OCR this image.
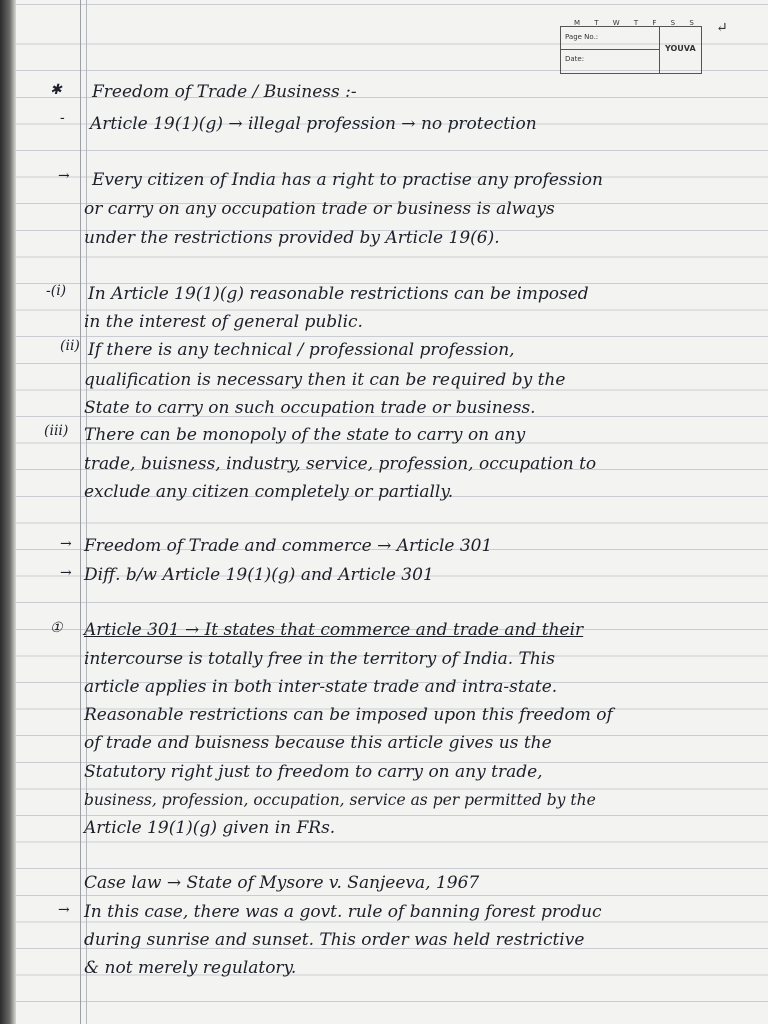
M T W T F S S
Page No.:
Date:
YOUVA
↵
✱
-
→
-(i)
(ii)
(iii)
→
→
①
→
Freedom of Trade / Business :-
Article 19(1)(g) → illegal profession → no protection
Every citizen of India has a right to practise any profession
or carry on any occupation trade or business is always
under the restrictions provided by Article 19(6).
In Article 19(1)(g) reasonable restrictions can be imposed
in the interest of general public.
If there is any technical / professional profession,
qualification is necessary then it can be required by the
State to carry on such occupation trade or business.
There can be monopoly of the state to carry on any
trade, buisness, industry, service, profession, occupation to
exclude any citizen completely or partially.
Freedom of Trade and commerce → Article 301
Diff. b/w Article 19(1)(g) and Article 301
Article 301 → It states that commerce and trade and their
intercourse is totally free in the territory of India. This
article applies in both inter-state trade and intra-state.
Reasonable restrictions can be imposed upon this freedom of
of trade and buisness because this article gives us the
Statutory right just to freedom to carry on any trade,
business, profession, occupation, service as per permitted by the
Article 19(1)(g) given in FRs.
Case law → State of Mysore v. Sanjeeva, 1967
In this case, there was a govt. rule of banning forest produc
during sunrise and sunset. This order was held restrictive
& not merely regulatory.
